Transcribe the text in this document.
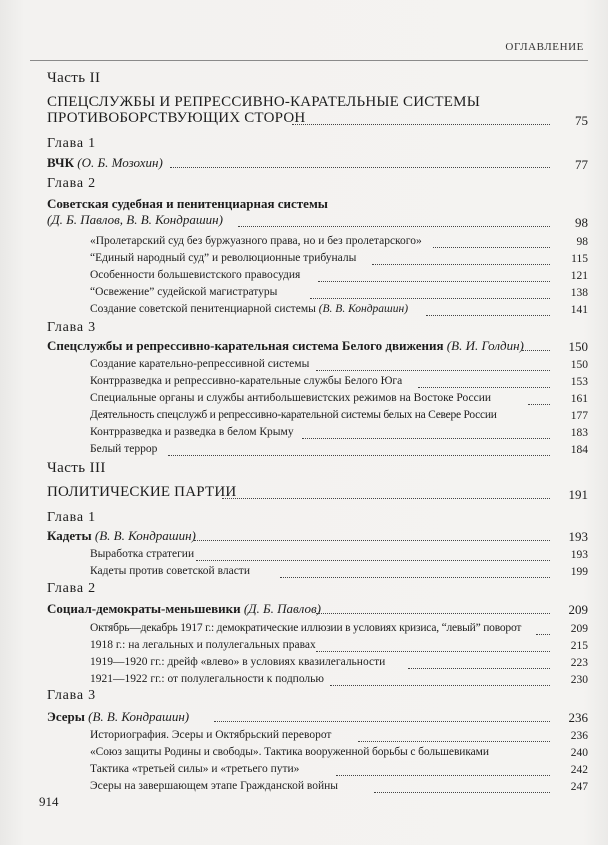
ОГЛАВЛЕНИЕ
Часть II
СПЕЦСЛУЖБЫ И РЕПРЕССИВНО-КАРАТЕЛЬНЫЕ СИСТЕМЫ
ПРОТИВОБОРСТВУЮЩИХ СТОРОН	75
Глава 1
ВЧК (О. Б. Мозохин)	77
Глава 2
Советская судебная и пенитенциарная системы
(Д. Б. Павлов, В. В. Кондрашин)	98
«Пролетарский суд без буржуазного права, но и без пролетарского»	98
“Единый народный суд” и революционные трибуналы	115
Особенности большевистского правосудия	121
“Освежение” судейской магистратуры	138
Создание советской пенитенциарной системы (В. В. Кондрашин)	141
Глава 3
Спецслужбы и репрессивно-карательная система Белого движения (В. И. Голдин)	150
Создание карательно-репрессивной системы	150
Контрразведка и репрессивно-карательные службы Белого Юга	153
Специальные органы и службы антибольшевистских режимов на Востоке России	161
Деятельность спецслужб и репрессивно-карательной системы белых на Севере России	177
Контрразведка и разведка в белом Крыму	183
Белый террор	184
Часть III
ПОЛИТИЧЕСКИЕ ПАРТИИ	191
Глава 1
Кадеты (В. В. Кондрашин)	193
Выработка стратегии	193
Кадеты против советской власти	199
Глава 2
Социал-демократы-меньшевики (Д. Б. Павлов)	209
Октябрь—декабрь 1917 г.: демократические иллюзии в условиях кризиса, “левый” поворот	209
1918 г.: на легальных и полулегальных правах	215
1919—1920 гг.: дрейф «влево» в условиях квазилегальности	223
1921—1922 гг.: от полулегальности к подполью	230
Глава 3
Эсеры (В. В. Кондрашин)	236
Историография. Эсеры и Октябрьский переворот	236
«Союз защиты Родины и свободы». Тактика вооруженной борьбы с большевиками	240
Тактика «третьей силы» и «третьего пути»	242
Эсеры на завершающем этапе Гражданской войны	247
914
